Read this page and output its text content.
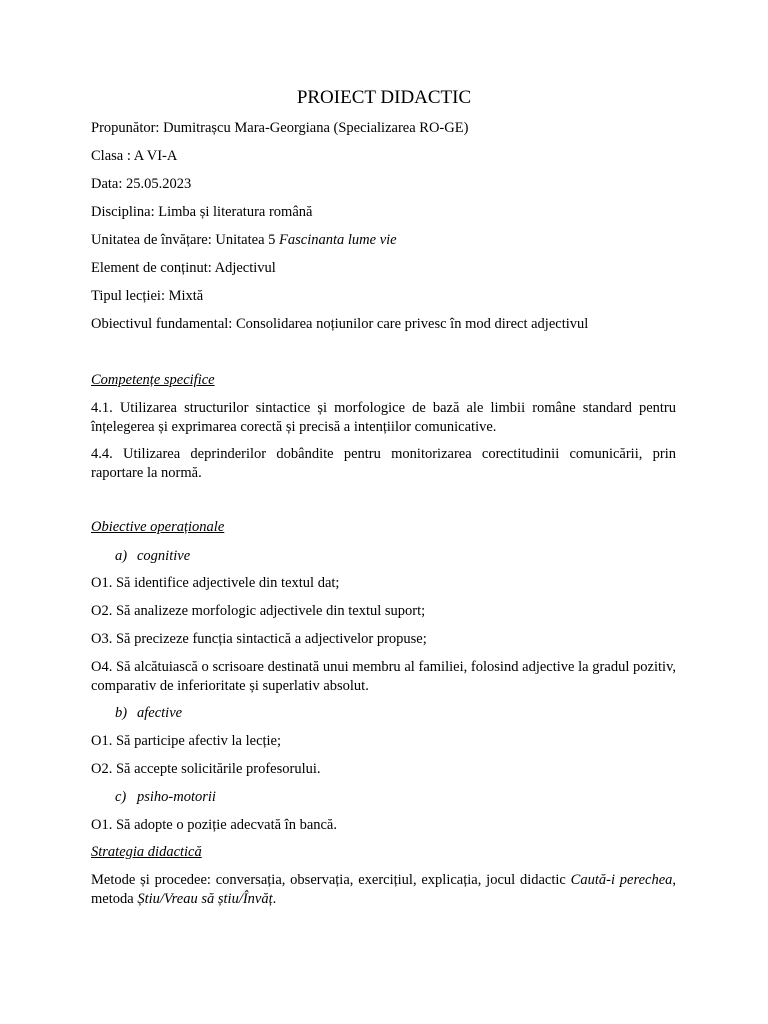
PROIECT DIDACTIC
Propunător: Dumitrașcu Mara-Georgiana (Specializarea RO-GE)
Clasa : A VI-A
Data: 25.05.2023
Disciplina: Limba și literatura română
Unitatea de învățare: Unitatea 5 Fascinanta lume vie
Element de conținut: Adjectivul
Tipul lecției: Mixtă
Obiectivul fundamental: Consolidarea noțiunilor care privesc în mod direct adjectivul
Competențe specifice
4.1. Utilizarea structurilor sintactice și morfologice de bază ale limbii române standard pentru înțelegerea și exprimarea corectă și precisă a intențiilor comunicative.
4.4. Utilizarea deprinderilor dobândite pentru monitorizarea corectitudinii comunicării, prin raportare la normă.
Obiective operaționale
a) cognitive
O1. Să identifice adjectivele din textul dat;
O2. Să analizeze morfologic adjectivele din textul suport;
O3. Să precizeze funcția sintactică a adjectivelor propuse;
O4. Să alcătuiască o scrisoare destinată unui membru al familiei, folosind adjective la gradul pozitiv, comparativ de inferioritate și superlativ absolut.
b) afective
O1. Să participe afectiv la lecție;
O2. Să accepte solicitările profesorului.
c) psiho-motorii
O1. Să adopte o poziție adecvată în bancă.
Strategia didactică
Metode și procedee: conversația, observația, exercițiul, explicația, jocul didactic Caută-i perechea, metoda Știu/Vreau să știu/Învăț.
